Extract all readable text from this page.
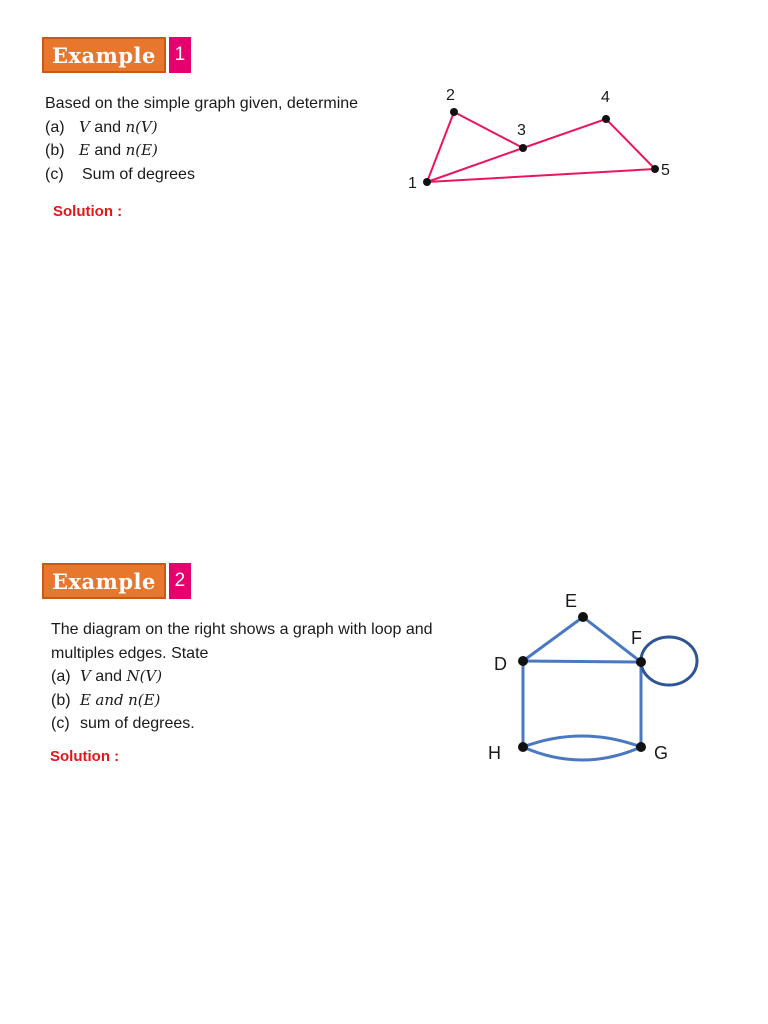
Example 1

Based on the simple graph given, determine

(a) V and n(V)

(b) E and n(E)

(c) Sum of degrees

Solution :
1
2
3
4
5
Example 2

The diagram on the right shows a graph with loop and

multiples edges. State

(a) V and N(V)

(b) E and n(E)

(c) sum of degrees.

Solution :
E
F
D
H	G
